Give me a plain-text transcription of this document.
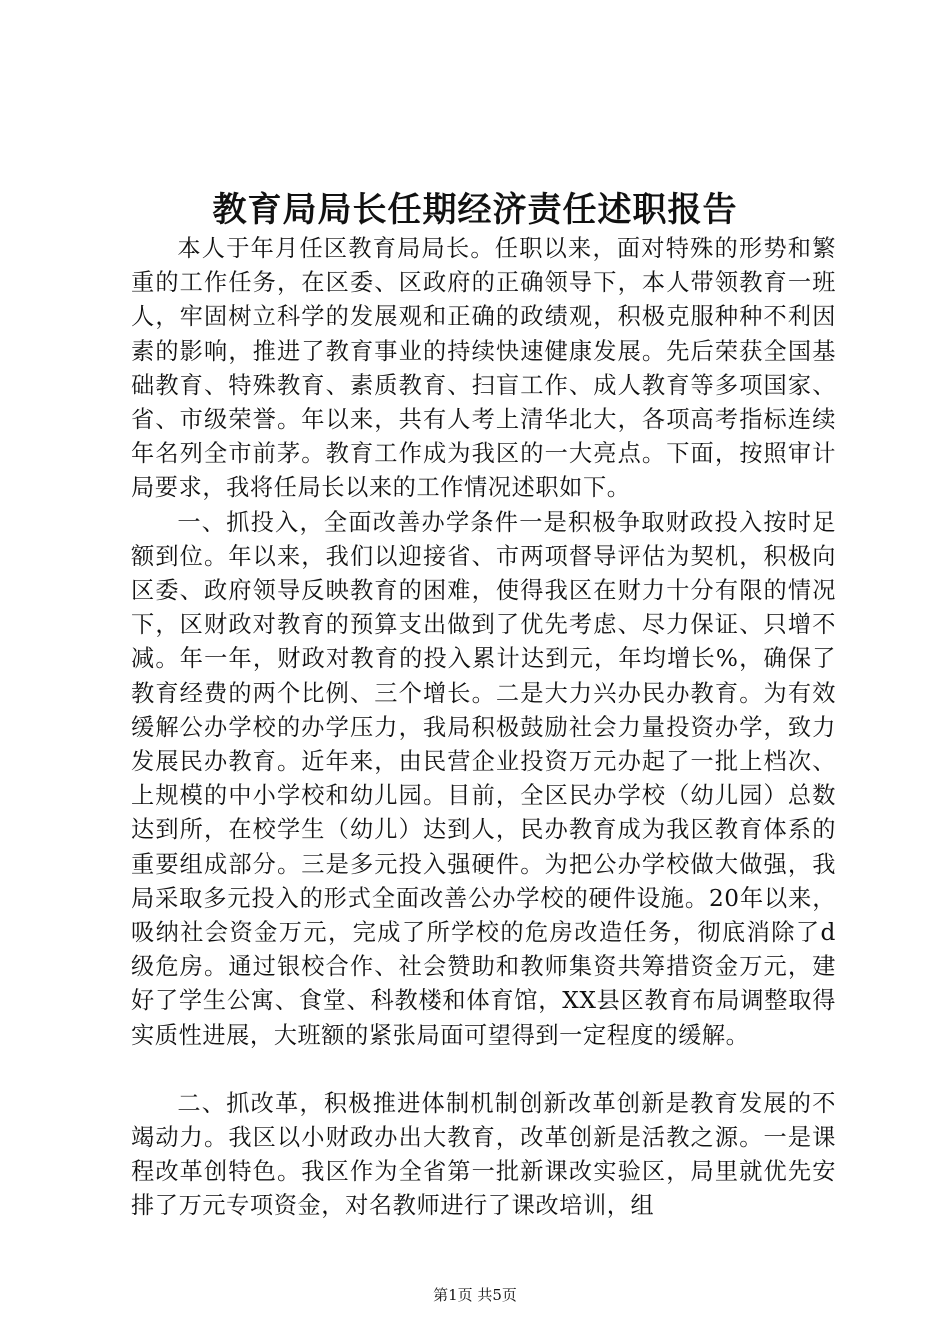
教育局局长任期经济责任述职报告

本人于年月任区教育局局长。任职以来，面对特殊的形势和繁重的工作任务，在区委、区政府的正确领导下，本人带领教育一班人，牢固树立科学的发展观和正确的政绩观，积极克服种种不利因素的影响，推进了教育事业的持续快速健康发展。先后荣获全国基础教育、特殊教育、素质教育、扫盲工作、成人教育等多项国家、省、市级荣誉。年以来，共有人考上清华北大，各项高考指标连续年名列全市前茅。教育工作成为我区的一大亮点。下面，按照审计局要求，我将任局长以来的工作情况述职如下。

一、抓投入，全面改善办学条件一是积极争取财政投入按时足额到位。年以来，我们以迎接省、市两项督导评估为契机，积极向区委、政府领导反映教育的困难，使得我区在财力十分有限的情况下，区财政对教育的预算支出做到了优先考虑、尽力保证、只增不减。年一年，财政对教育的投入累计达到元，年均增长%，确保了教育经费的两个比例、三个增长。二是大力兴办民办教育。为有效缓解公办学校的办学压力，我局积极鼓励社会力量投资办学，致力发展民办教育。近年来，由民营企业投资万元办起了一批上档次、上规模的中小学校和幼儿园。目前，全区民办学校（幼儿园）总数达到所，在校学生（幼儿）达到人，民办教育成为我区教育体系的重要组成部分。三是多元投入强硬件。为把公办学校做大做强，我局采取多元投入的形式全面改善公办学校的硬件设施。20年以来，吸纳社会资金万元，完成了所学校的危房改造任务，彻底消除了d级危房。通过银校合作、社会赞助和教师集资共筹措资金万元，建好了学生公寓、食堂、科教楼和体育馆，XX县区教育布局调整取得实质性进展，大班额的紧张局面可望得到一定程度的缓解。

二、抓改革，积极推进体制机制创新改革创新是教育发展的不竭动力。我区以小财政办出大教育，改革创新是活教之源。一是课程改革创特色。我区作为全省第一批新课改实验区，局里就优先安排了万元专项资金，对名教师进行了课改培训，组

第1页 共5页
